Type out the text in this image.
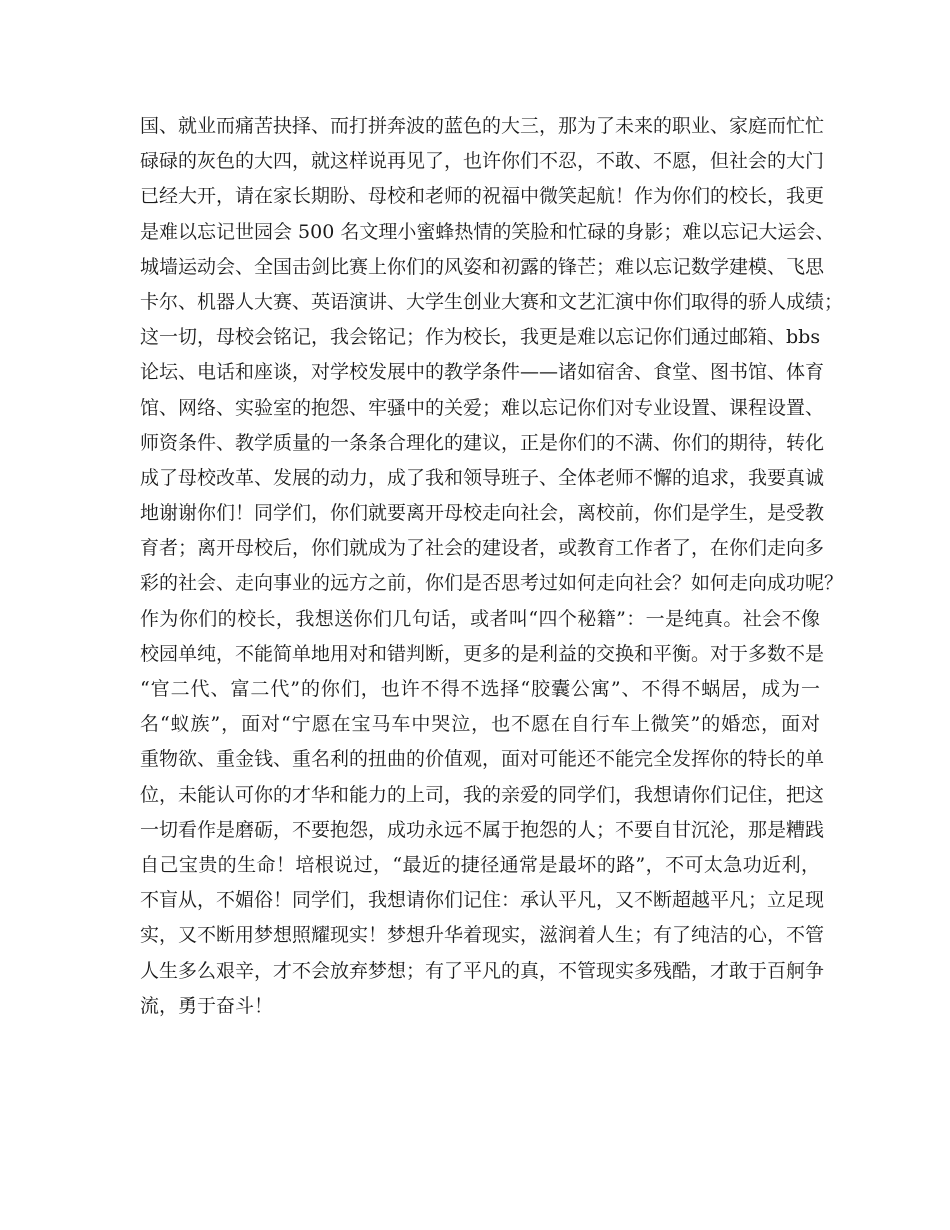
国、就业而痛苦抉择、而打拼奔波的蓝色的大三，那为了未来的职业、家庭而忙忙
碌碌的灰色的大四，就这样说再见了，也许你们不忍，不敢、不愿，但社会的大门
已经大开，请在家长期盼、母校和老师的祝福中微笑起航！作为你们的校长，我更
是难以忘记世园会 500 名文理小蜜蜂热情的笑脸和忙碌的身影；难以忘记大运会、
城墙运动会、全国击剑比赛上你们的风姿和初露的锋芒；难以忘记数学建模、飞思
卡尔、机器人大赛、英语演讲、大学生创业大赛和文艺汇演中你们取得的骄人成绩；
这一切，母校会铭记，我会铭记；作为校长，我更是难以忘记你们通过邮箱、bbs
论坛、电话和座谈，对学校发展中的教学条件——诸如宿舍、食堂、图书馆、体育
馆、网络、实验室的抱怨、牢骚中的关爱；难以忘记你们对专业设置、课程设置、
师资条件、教学质量的一条条合理化的建议，正是你们的不满、你们的期待，转化
成了母校改革、发展的动力，成了我和领导班子、全体老师不懈的追求，我要真诚
地谢谢你们！同学们，你们就要离开母校走向社会，离校前，你们是学生，是受教
育者；离开母校后，你们就成为了社会的建设者，或教育工作者了，在你们走向多
彩的社会、走向事业的远方之前，你们是否思考过如何走向社会？如何走向成功呢？
作为你们的校长，我想送你们几句话，或者叫“四个秘籍”：一是纯真。社会不像
校园单纯，不能简单地用对和错判断，更多的是利益的交换和平衡。对于多数不是
“官二代、富二代”的你们，也许不得不选择“胶囊公寓”、不得不蜗居，成为一
名“蚁族”，面对“宁愿在宝马车中哭泣，也不愿在自行车上微笑”的婚恋，面对
重物欲、重金钱、重名利的扭曲的价值观，面对可能还不能完全发挥你的特长的单
位，未能认可你的才华和能力的上司，我的亲爱的同学们，我想请你们记住，把这
一切看作是磨砺，不要抱怨，成功永远不属于抱怨的人；不要自甘沉沦，那是糟践
自己宝贵的生命！培根说过，“最近的捷径通常是最坏的路”，不可太急功近利，
不盲从，不媚俗！同学们，我想请你们记住：承认平凡，又不断超越平凡；立足现
实，又不断用梦想照耀现实！梦想升华着现实，滋润着人生；有了纯洁的心，不管
人生多么艰辛，才不会放弃梦想；有了平凡的真，不管现实多残酷，才敢于百舸争
流，勇于奋斗！
